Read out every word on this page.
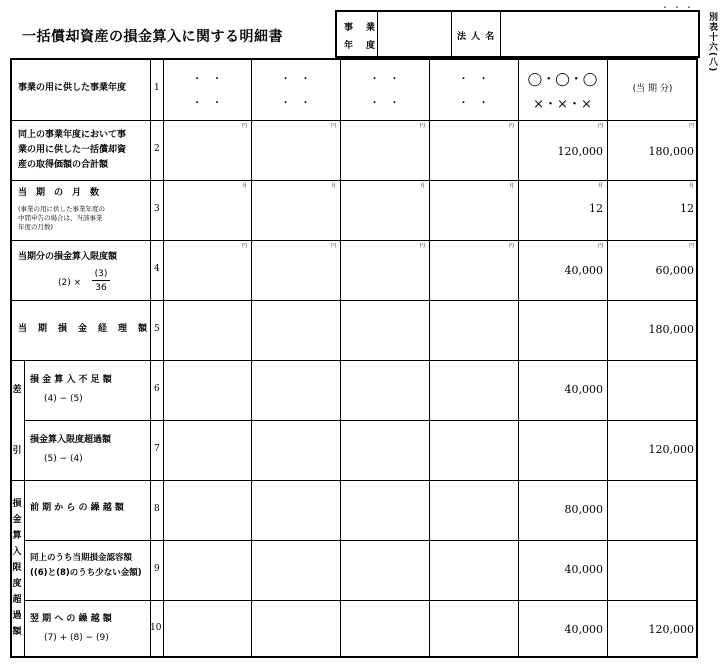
・・・
一括償却資産の損金算入に関する明細書
事　業
年　度
法 人 名	別表十六(八)
差
引
損
金
算
入
限
度
超
過
額
事業の用に供した事業年度
同上の事業年度において事
業の用に供した一括償却資
産の取得価額の合計額
当　期　の　月　数
(事業の用に供した事業年度の
中間申告の場合は、当該事業
年度の月数)
当期分の損金算入限度額
(2) ×
(3)
36
当　期　損　金　経　理　額
損 金 算 入 不 足 額
(4) − (5)
損金算入限度超過額
(5) − (4)
前 期 か ら の 繰 越 額
同上のうち当期損金認容額
((6)と(8)のうち少ない金額)
翌 期 へ の 繰 越 額
(7) + (8) − (9)
1
2
3
4
5
6
7
8
9
10
・　・
・　・
円
月
円
・　・
・　・
円
月
円
・　・
・　・
円
月
円
・　・
・　・
円
月
円
◯・◯・◯
×・×・×
円
月
円
120,000
12
40,000
40,000
80,000
40,000
40,000
(当 期 分)
円
月
円
180,000
12
60,000
180,000
120,000
120,000
